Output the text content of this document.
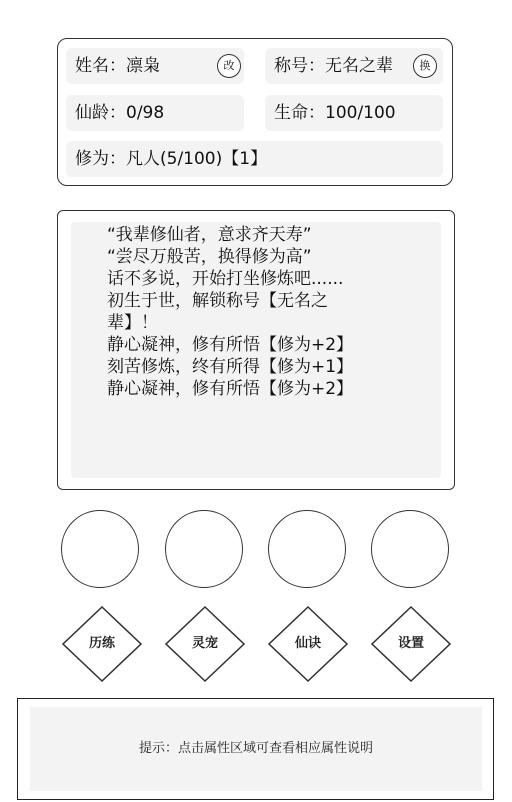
姓名：凛枭	改	称号：无名之辈	换
仙龄：0/98	生命：100/100
修为：凡人(5/100)【1】
“我辈修仙者，意求齐天寿”
“尝尽万般苦，换得修为高”
话不多说，开始打坐修炼吧......
初生于世，解锁称号【无名之辈】！
静心凝神，修有所悟【修为+2】
刻苦修炼，终有所得【修为+1】
静心凝神，修有所悟【修为+2】
历练	灵宠	仙诀	设置
提示：点击属性区域可查看相应属性说明
